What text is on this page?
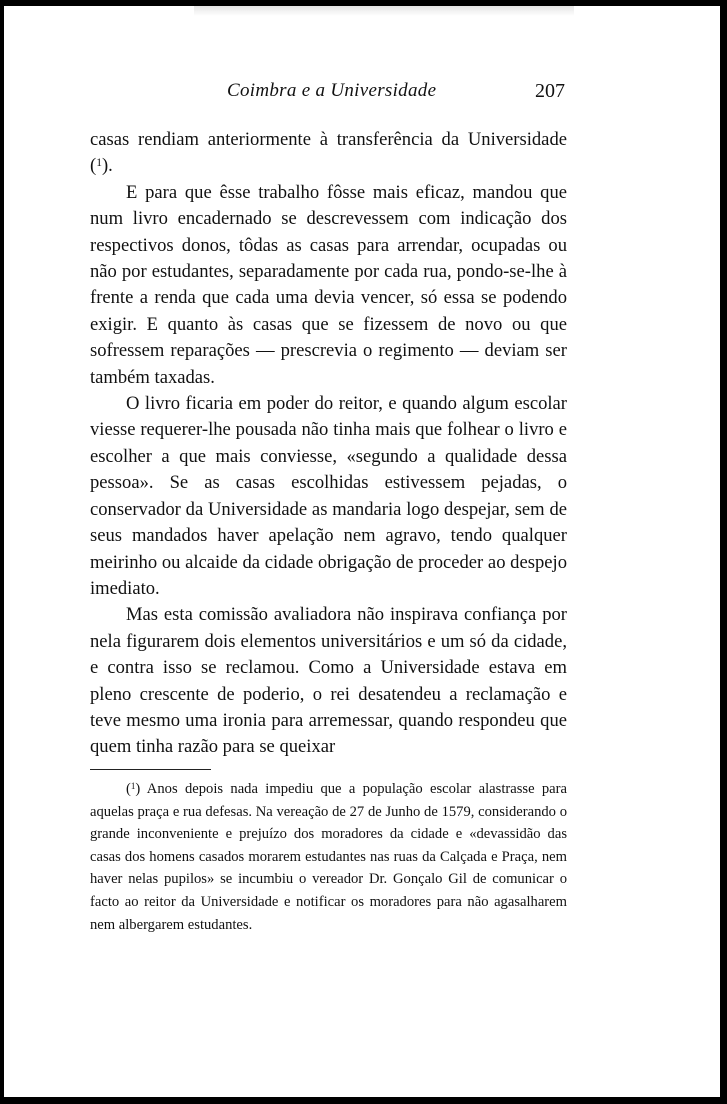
Coimbra e a Universidade	207

casas rendiam anteriormente à transferência da Universidade ($^1$).

E para que êsse trabalho fôsse mais eficaz, mandou que num livro encadernado se descrevessem com indicação dos respectivos donos, tôdas as casas para arrendar, ocupadas ou não por estudantes, separadamente por cada rua, pondo-se-lhe à frente a renda que cada uma devia vencer, só essa se podendo exigir. E quanto às casas que se fizessem de novo ou que sofressem reparações — prescrevia o regimento — deviam ser também taxadas.

O livro ficaria em poder do reitor, e quando algum escolar viesse requerer-lhe pousada não tinha mais que folhear o livro e escolher a que mais conviesse, «segundo a qualidade dessa pessoa». Se as casas escolhidas estivessem pejadas, o conservador da Universidade as mandaria logo despejar, sem de seus mandados haver apelação nem agravo, tendo qualquer meirinho ou alcaide da cidade obrigação de proceder ao despejo imediato.

Mas esta comissão avaliadora não inspirava confiança por nela figurarem dois elementos universitários e um só da cidade, e contra isso se reclamou. Como a Universidade estava em pleno crescente de poderio, o rei desatendeu a reclamação e teve mesmo uma ironia para arremessar, quando respondeu que quem tinha razão para se queixar

($^1$) Anos depois nada impediu que a população escolar alastrasse para aquelas praça e rua defesas. Na vereação de 27 de Junho de 1579, considerando o grande inconveniente e prejuízo dos moradores da cidade e «devassidão das casas dos homens casados morarem estudantes nas ruas da Calçada e Praça, nem haver nelas pupilos» se incumbiu o vereador Dr. Gonçalo Gil de comunicar o facto ao reitor da Universidade e notificar os moradores para não agasalharem nem albergarem estudantes.
